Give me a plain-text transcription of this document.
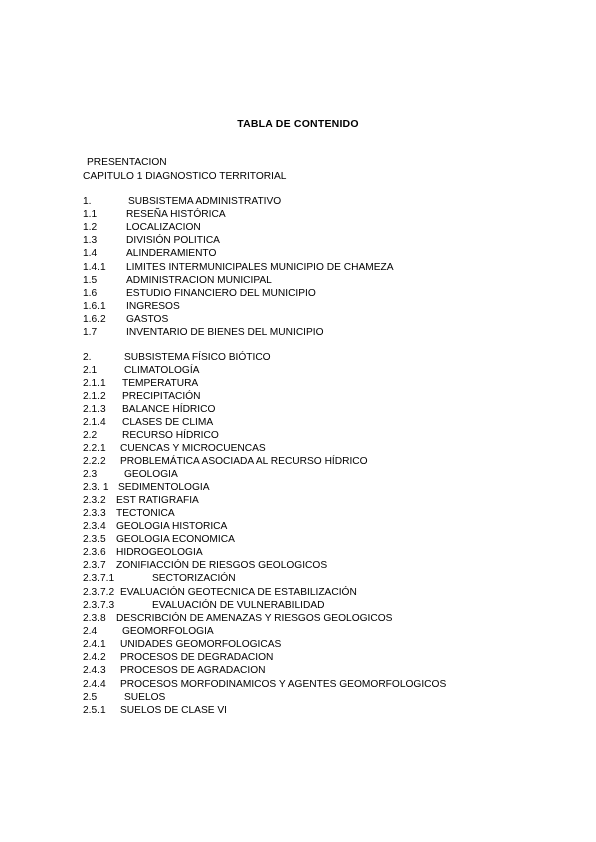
TABLA DE CONTENIDO
PRESENTACION
CAPITULO 1 DIAGNOSTICO TERRITORIAL
1.	SUBSISTEMA ADMINISTRATIVO
1.1	RESEÑA HISTÓRICA
1.2	LOCALIZACION
1.3	DIVISIÓN POLITICA
1.4	ALINDERAMIENTO
1.4.1 LIMITES INTERMUNICIPALES MUNICIPIO DE CHAMEZA
1.5	ADMINISTRACION MUNICIPAL
1.6	ESTUDIO FINANCIERO DEL MUNICIPIO
1.6.1 INGRESOS
1.6.2 GASTOS
1.7	INVENTARIO DE BIENES DEL MUNICIPIO
2.	SUBSISTEMA FÍSICO BIÓTICO
2.1	CLIMATOLOGÍA
2.1.1 TEMPERATURA
2.1.2 PRECIPITACIÓN
2.1.3 BALANCE HÍDRICO
2.1.4 CLASES DE CLIMA
2.2 RECURSO HÍDRICO
2.2.1 CUENCAS Y MICROCUENCAS
2.2.2 PROBLEMÁTICA ASOCIADA AL RECURSO HÍDRICO
2.3	GEOLOGIA
2.3. 1 SEDIMENTOLOGIA
2.3.2 EST RATIGRAFIA
2.3.3 TECTONICA
2.3.4 GEOLOGIA HISTORICA
2.3.5 GEOLOGIA ECONOMICA
2.3.6 HIDROGEOLOGIA
2.3.7 ZONIFIACCIÓN DE RIESGOS GEOLOGICOS
2.3.7.1	SECTORIZACIÓN
2.3.7.2 EVALUACIÓN GEOTECNICA DE ESTABILIZACIÓN
2.3.7.3	EVALUACIÓN DE VULNERABILIDAD
2.3.8 DESCRIBCIÓN DE AMENAZAS Y RIESGOS GEOLOGICOS
2.4 GEOMORFOLOGIA
2.4.1 UNIDADES GEOMORFOLOGICAS
2.4.2 PROCESOS DE DEGRADACION
2.4.3 PROCESOS DE AGRADACION
2.4.4 PROCESOS MORFODINAMICOS Y AGENTES GEOMORFOLOGICOS
2.5	SUELOS
2.5.1 SUELOS DE CLASE VI
